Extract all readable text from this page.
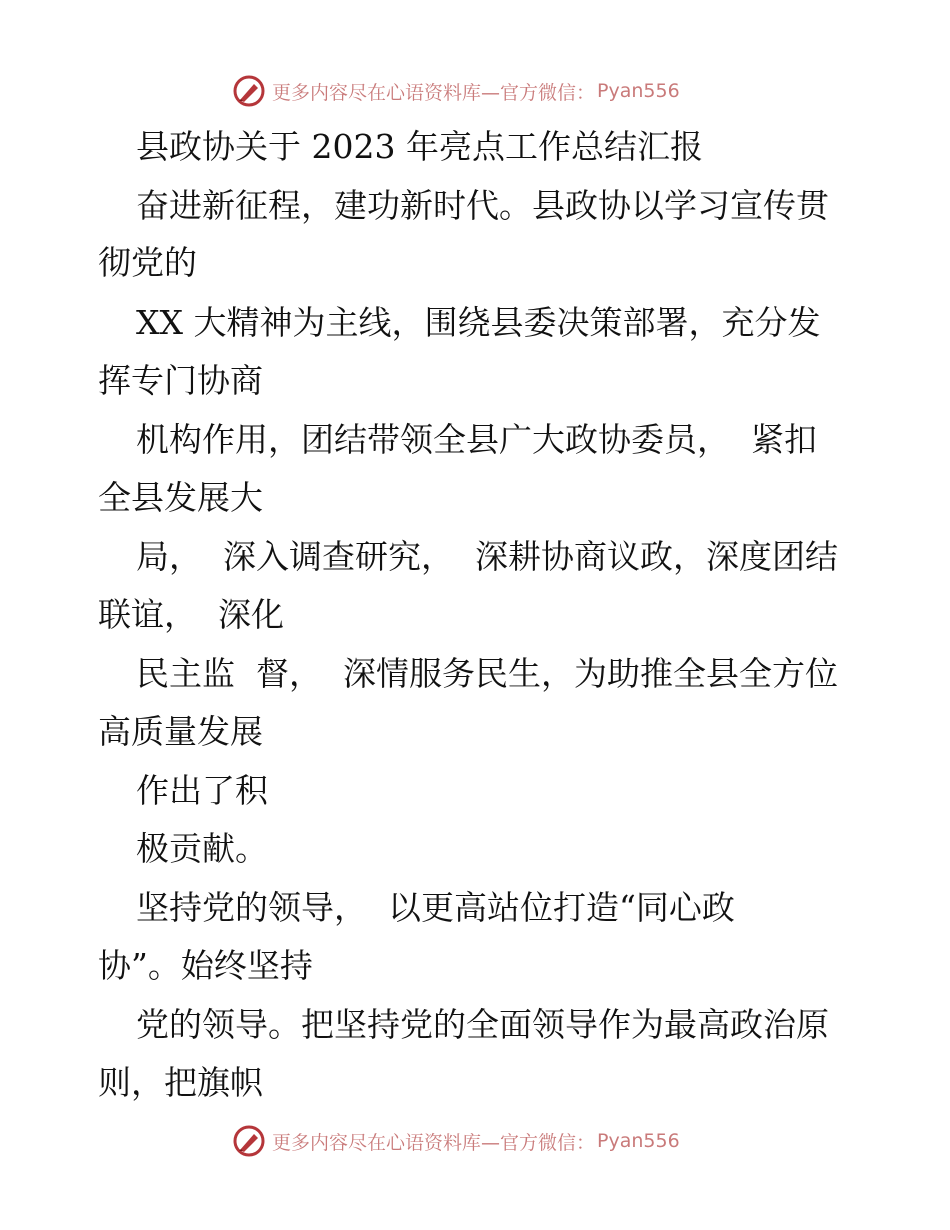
更多内容尽在心语资料库—官方微信： Pyan556
县政协关于 2023 年亮点工作总结汇报
奋进新征程，建功新时代。县政协以学习宣传贯
彻党的
XX 大精神为主线，围绕县委决策部署，充分发
挥专门协商
机构作用，团结带领全县广大政协委员，  紧扣
全县发展大
局，  深入调查研究，  深耕协商议政，深度团结
联谊，  深化
民主监  督，  深情服务民生，为助推全县全方位
高质量发展
作出了积
极贡献。
坚持党的领导，  以更高站位打造“同心政
协”。始终坚持
党的领导。把坚持党的全面领导作为最高政治原
则，把旗帜
更多内容尽在心语资料库—官方微信： Pyan556
